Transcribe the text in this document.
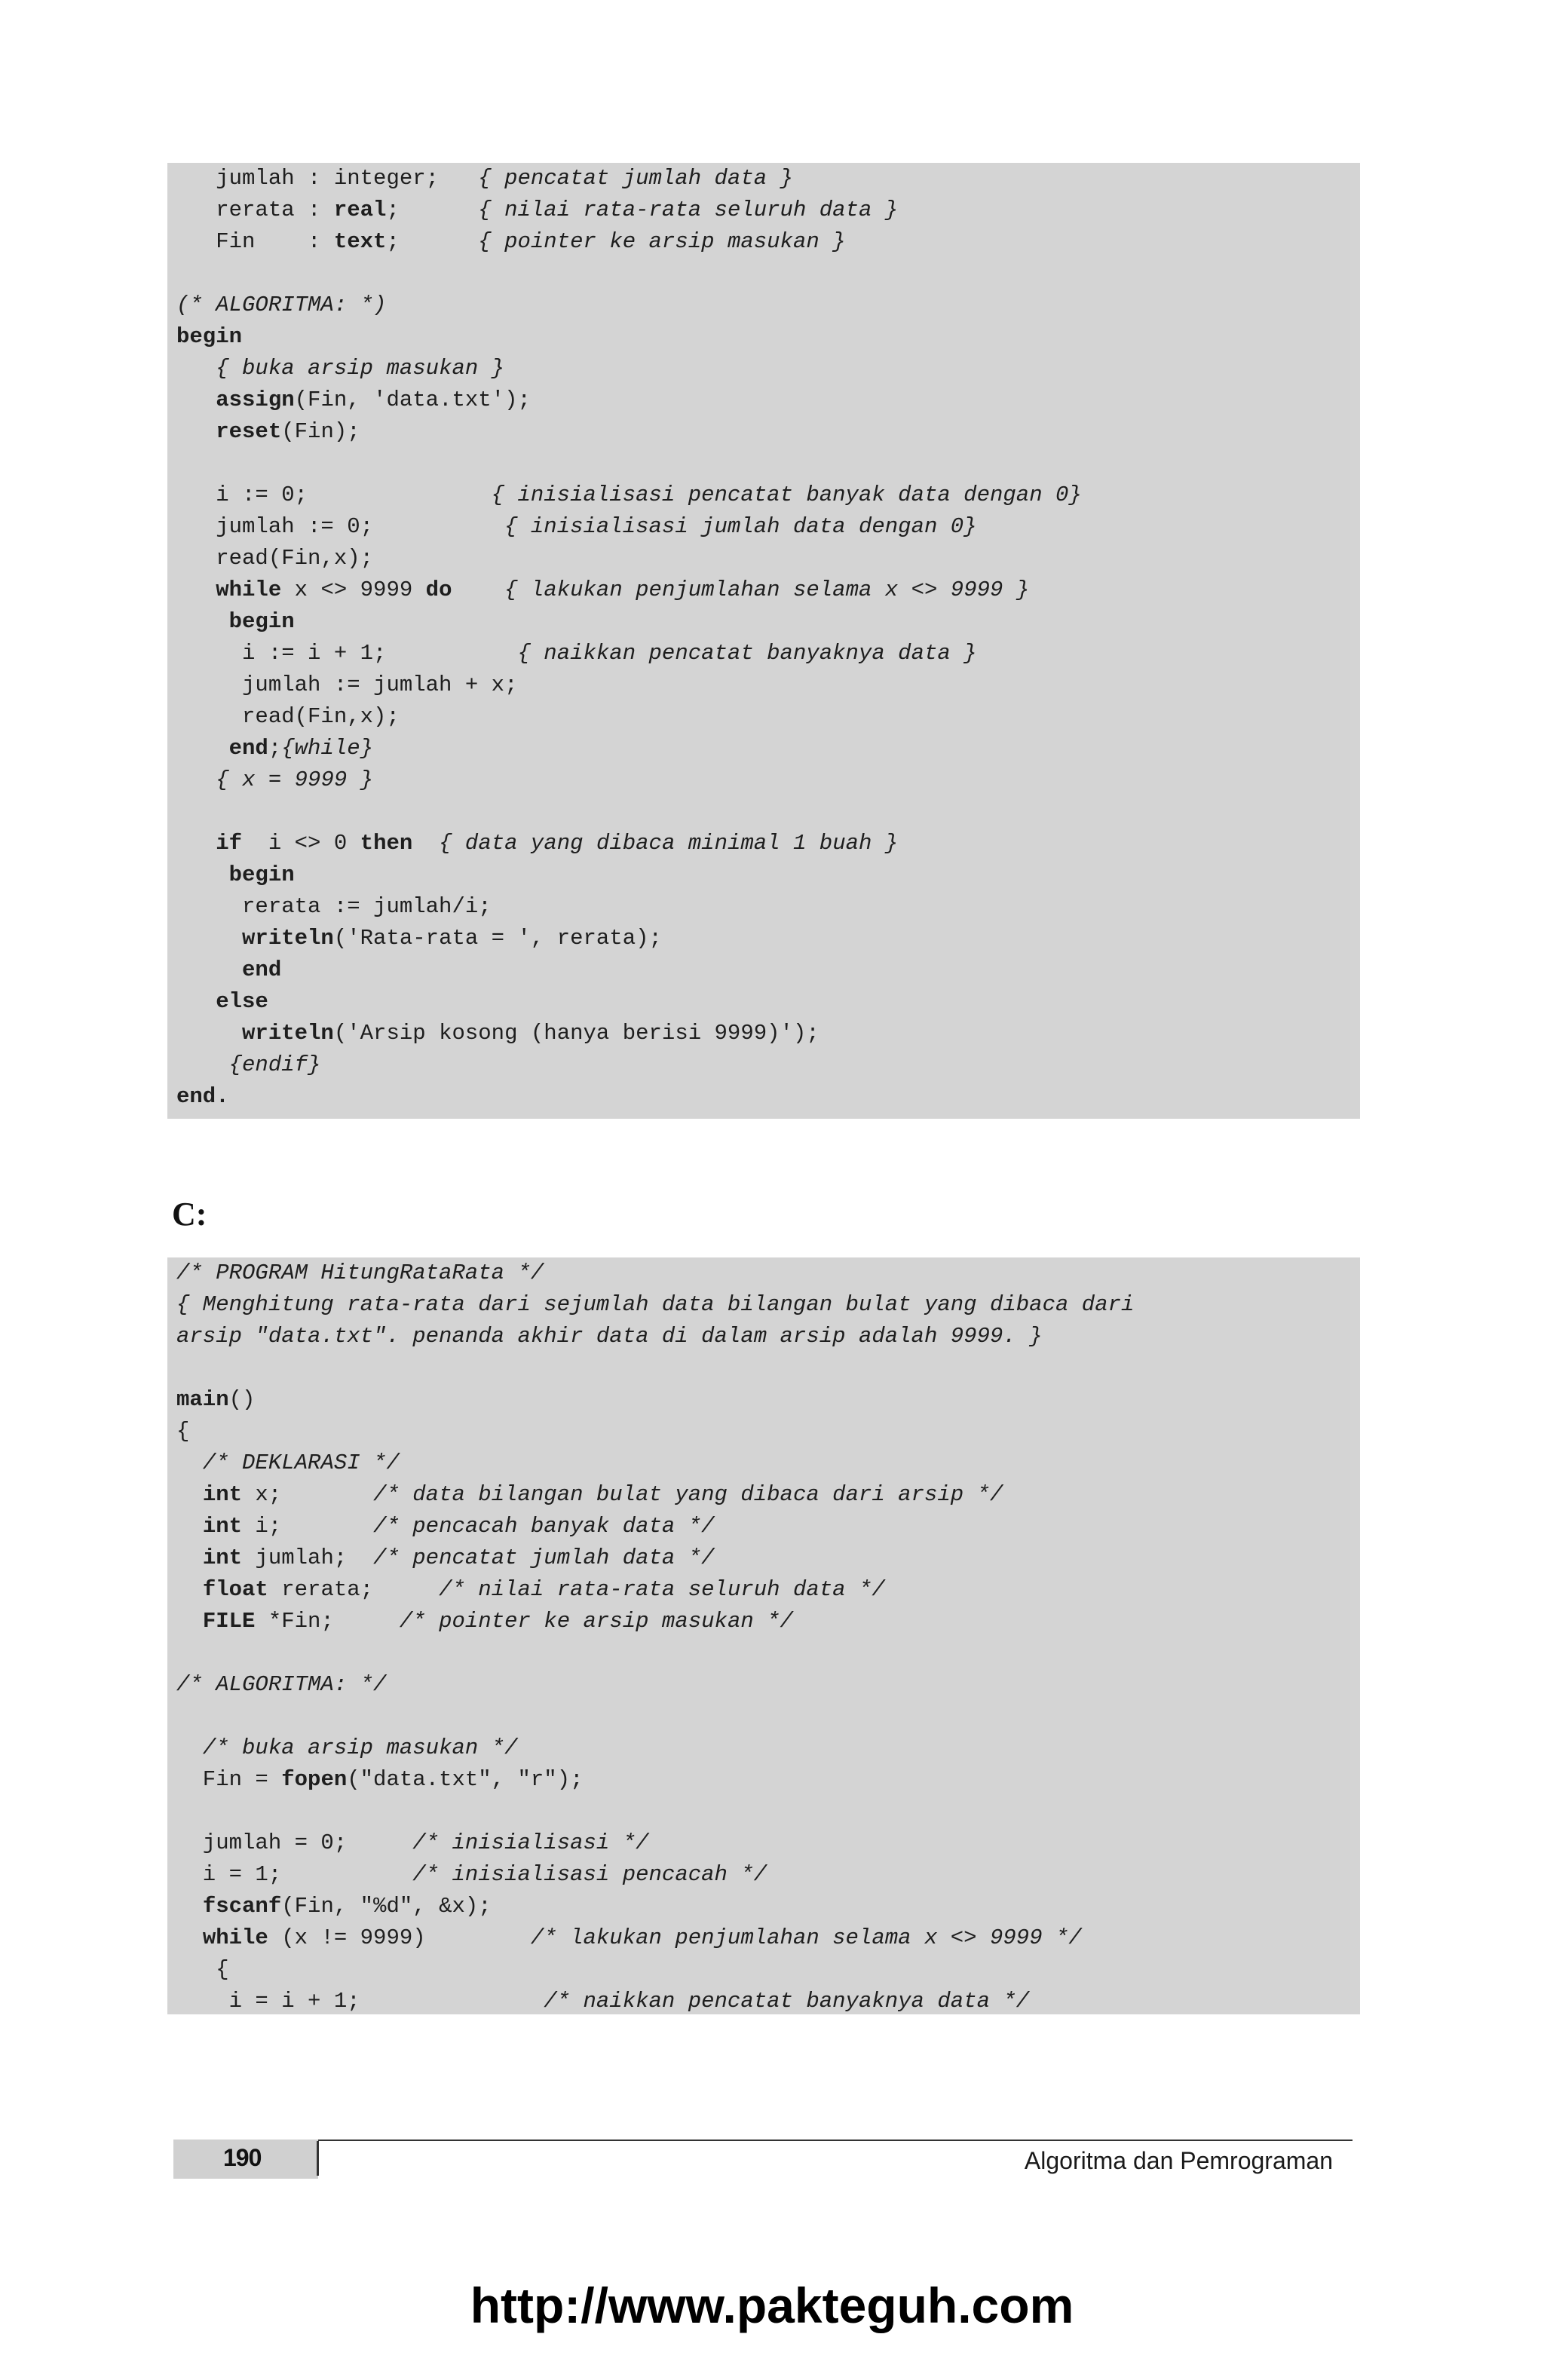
jumlah : integer;   { pencatat jumlah data }
rerata : real;      { nilai rata-rata seluruh data }
Fin    : text;      { pointer ke arsip masukan }
(* ALGORITMA: *)
begin
{ buka arsip masukan }
assign(Fin, 'data.txt');
reset(Fin);
i := 0;              { inisialisasi pencatat banyak data dengan 0}
jumlah := 0;          { inisialisasi jumlah data dengan 0}
read(Fin,x);
while x <> 9999 do { lakukan penjumlahan selama x <> 9999 }
begin
i := i + 1;          { naikkan pencatat banyaknya data }
jumlah := jumlah + x;
read(Fin,x);
end;{while}
{ x = 9999 }
if  i <> 0 then { data yang dibaca minimal 1 buah }
begin
rerata := jumlah/i;
writeln('Rata-rata = ', rerata);
end
else
writeln('Arsip kosong (hanya berisi 9999)');
{endif}
end.
C:
/* PROGRAM HitungRataRata */
{ Menghitung rata-rata dari sejumlah data bilangan bulat yang dibaca dari
arsip "data.txt". penanda akhir data di dalam arsip adalah 9999. }
main()
{
/* DEKLARASI */
int x;       /* data bilangan bulat yang dibaca dari arsip */
int i;       /* pencacah banyak data */
int jumlah;  /* pencatat jumlah data */
float rerata;     /* nilai rata-rata seluruh data */
FILE *Fin;     /* pointer ke arsip masukan */
/* ALGORITMA: */
/* buka arsip masukan */
Fin = fopen("data.txt", "r");
jumlah = 0;     /* inisialisasi */
i = 1;          /* inisialisasi pencacah */
fscanf(Fin, "%d", &x);
while (x != 9999)        /* lakukan penjumlahan selama x <> 9999 */
{
i = i + 1;              /* naikkan pencatat banyaknya data */
190	Algoritma dan Pemrograman
http://www.pakteguh.com
